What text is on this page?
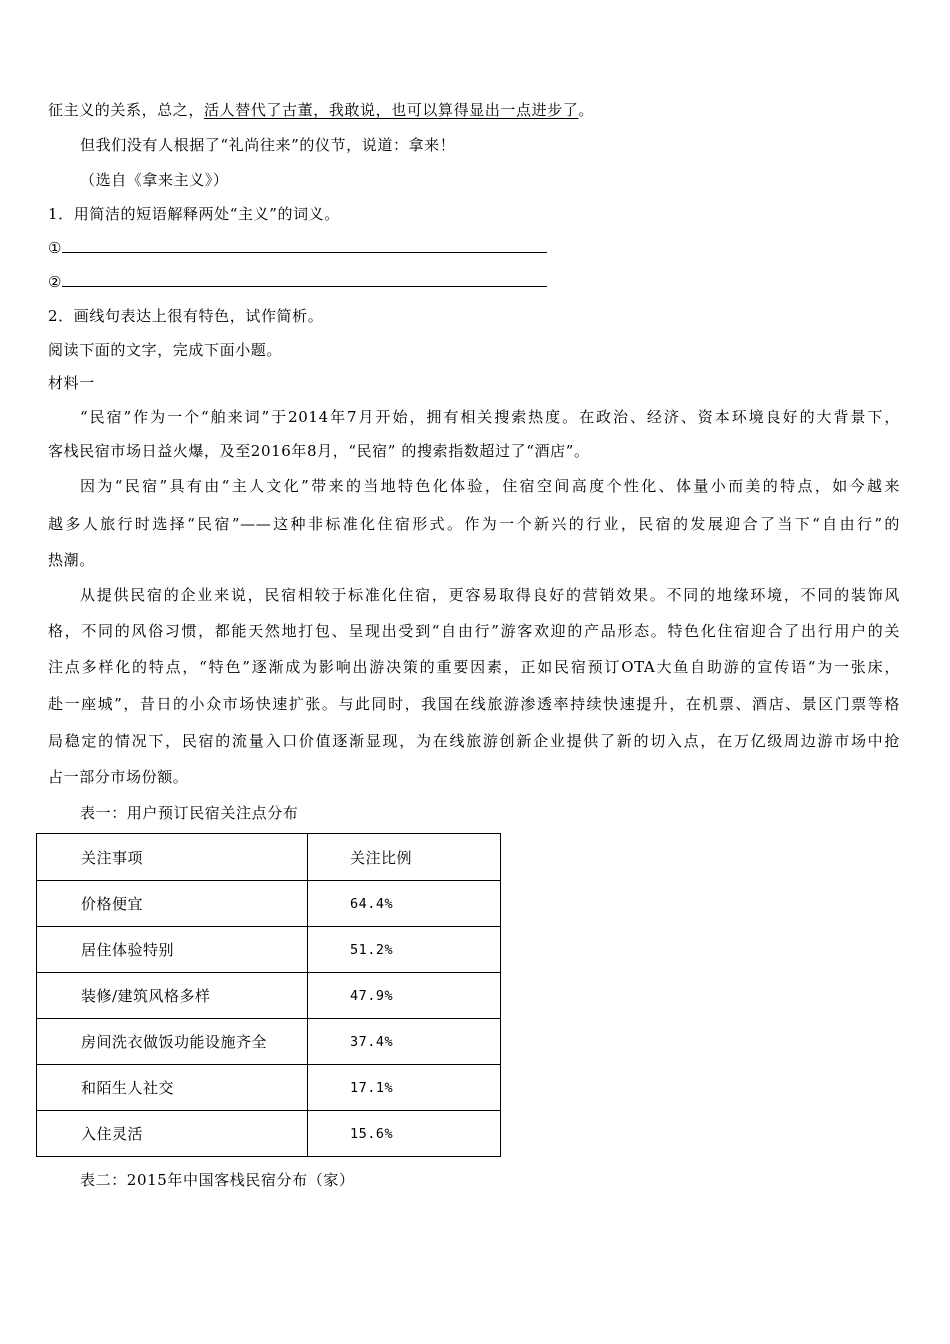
征主义的关系，总之，活人替代了古董，我敢说，也可以算得显出一点进步了。
但我们没有人根据了“礼尚往来”的仪节，说道：拿来！
（选自《拿来主义》）
1．用简洁的短语解释两处“主义”的词义。
①
②
2．画线句表达上很有特色，试作简析。
阅读下面的文字，完成下面小题。
材料一
“民宿”作为一个“舶来词”于2014年7月开始，拥有相关搜索热度。在政治、经济、资本环境良好的大背景下，
客栈民宿市场日益火爆，及至2016年8月，“民宿” 的搜索指数超过了“酒店”。
因为“民宿”具有由“主人文化”带来的当地特色化体验，住宿空间高度个性化、体量小而美的特点，如今越来
越多人旅行时选择“民宿”——这种非标准化住宿形式。作为一个新兴的行业，民宿的发展迎合了当下“自由行”的
热潮。
从提供民宿的企业来说，民宿相较于标准化住宿，更容易取得良好的营销效果。不同的地缘环境，不同的装饰风
格，不同的风俗习惯，都能天然地打包、呈现出受到“自由行”游客欢迎的产品形态。特色化住宿迎合了出行用户的关
注点多样化的特点，“特色”逐渐成为影响出游决策的重要因素，正如民宿预订OTA大鱼自助游的宣传语“为一张床，
赴一座城”，昔日的小众市场快速扩张。与此同时，我国在线旅游渗透率持续快速提升，在机票、酒店、景区门票等格
局稳定的情况下，民宿的流量入口价值逐渐显现，为在线旅游创新企业提供了新的切入点，在万亿级周边游市场中抢
占一部分市场份额。
表一：用户预订民宿关注点分布
关注事项	关注比例
价格便宜	64.4%
居住体验特别	51.2%
装修/建筑风格多样	47.9%
房间洗衣做饭功能设施齐全	37.4%
和陌生人社交	17.1%
入住灵活	15.6%
表二：2015年中国客栈民宿分布（家）
